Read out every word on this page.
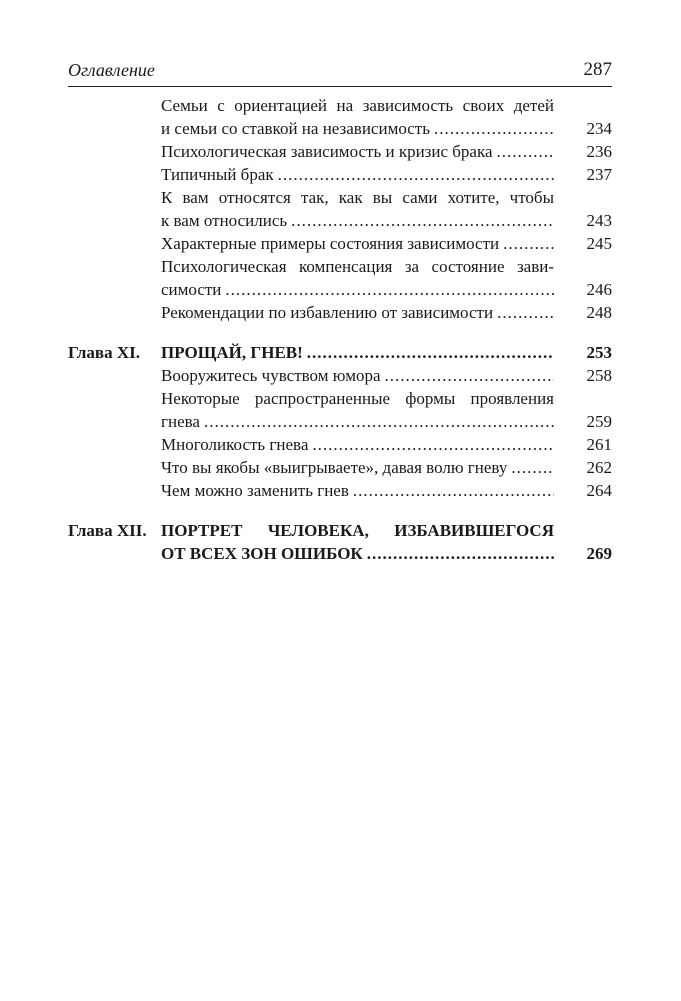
Оглавление	287
Семьи с ориентацией на зависимость своих детей
и семьи со ставкой на независимость .....	234
Психологическая зависимость и кризис брака .....	236
Типичный брак .....	237
К вам относятся так, как вы сами хотите, чтобы
к вам относились .....	243
Характерные примеры состояния зависимости .....	245
Психологическая компенсация за состояние зави-
симости .....	246
Рекомендации по избавлению от зависимости .....	248
Глава XI. ПРОЩАЙ, ГНЕВ! .....	253
Вооружитесь чувством юмора .....	258
Некоторые распространенные формы проявления
гнева .....	259
Многоликость гнева .....	261
Что вы якобы «выигрываете», давая волю гневу .....	262
Чем можно заменить гнев .....	264
Глава XII. ПОРТРЕТ ЧЕЛОВЕКА, ИЗБАВИВШЕГОСЯ
ОТ ВСЕХ ЗОН ОШИБОК .....	269
